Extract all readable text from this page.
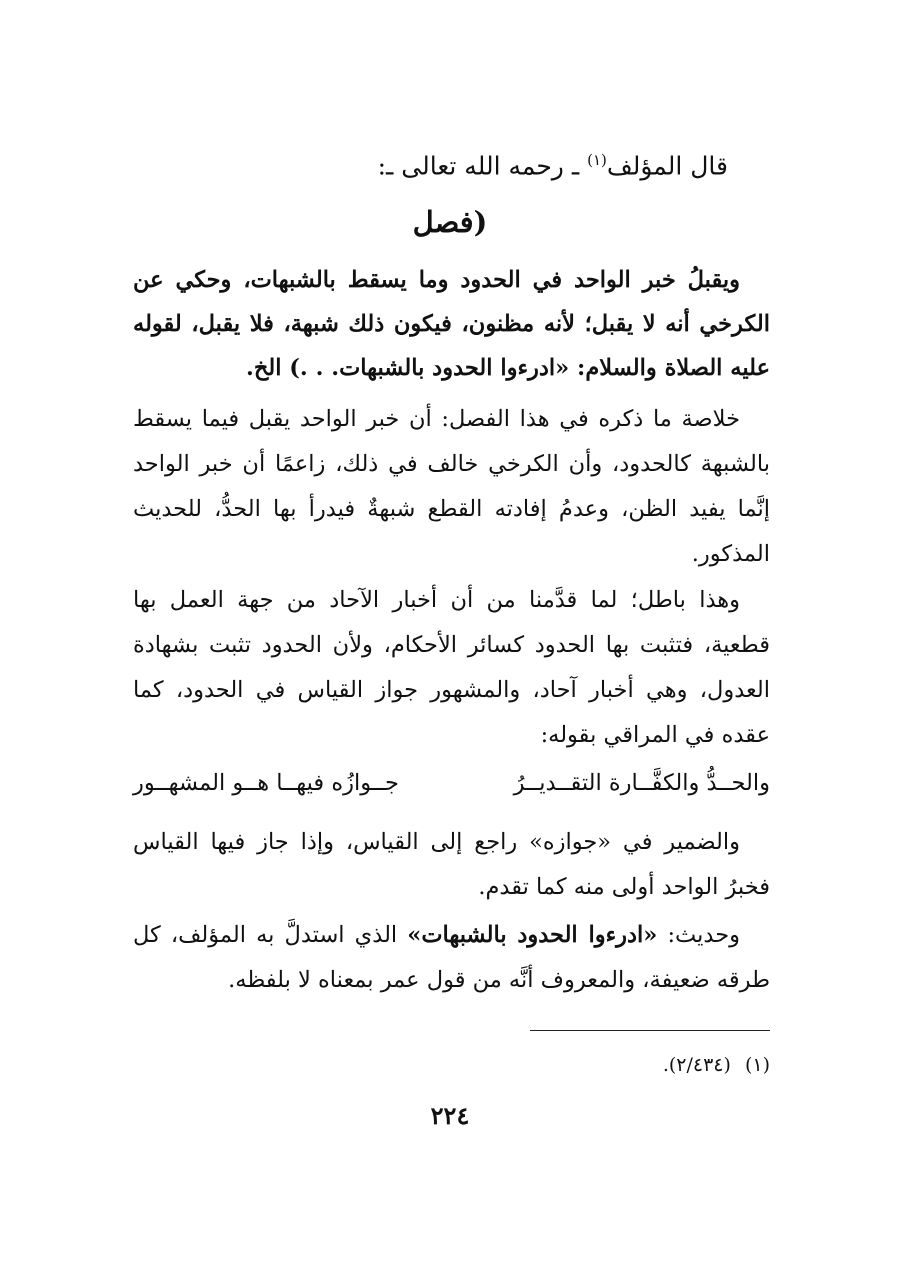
قال المؤلف$^{(١)}$ ـ رحمه الله تعالى ـ:
(فصل
ويقبلُ خبر الواحد في الحدود وما يسقط بالشبهات، وحكي عن الكرخي أنه لا يقبل؛ لأنه مظنون، فيكون ذلك شبهة، فلا يقبل، لقوله عليه الصلاة والسلام: «ادرءوا الحدود بالشبهات. . .) الخ.
خلاصة ما ذكره في هذا الفصل: أن خبر الواحد يقبل فيما يسقط بالشبهة كالحدود، وأن الكرخي خالف في ذلك، زاعمًا أن خبر الواحد إنَّما يفيد الظن، وعدمُ إفادته القطع شبهةٌ فيدرأ بها الحدُّ، للحديث المذكور.
وهذا باطل؛ لما قدَّمنا من أن أخبار الآحاد من جهة العمل بها قطعية، فتثبت بها الحدود كسائر الأحكام، ولأن الحدود تثبت بشهادة العدول، وهي أخبار آحاد، والمشهور جواز القياس في الحدود، كما عقده في المراقي بقوله:
والحــدُّ والكفَّــارة التقــديــرُ
جــوازُه فيهــا هــو المشهــور
والضمير في «جوازه» راجع إلى القياس، وإذا جاز فيها القياس فخبرُ الواحد أولى منه كما تقدم.
وحديث: «ادرءوا الحدود بالشبهات» الذي استدلَّ به المؤلف، كل طرقه ضعيفة، والمعروف أنَّه من قول عمر بمعناه لا بلفظه.
(١)(٢/٤٣٤).
٢٢٤
